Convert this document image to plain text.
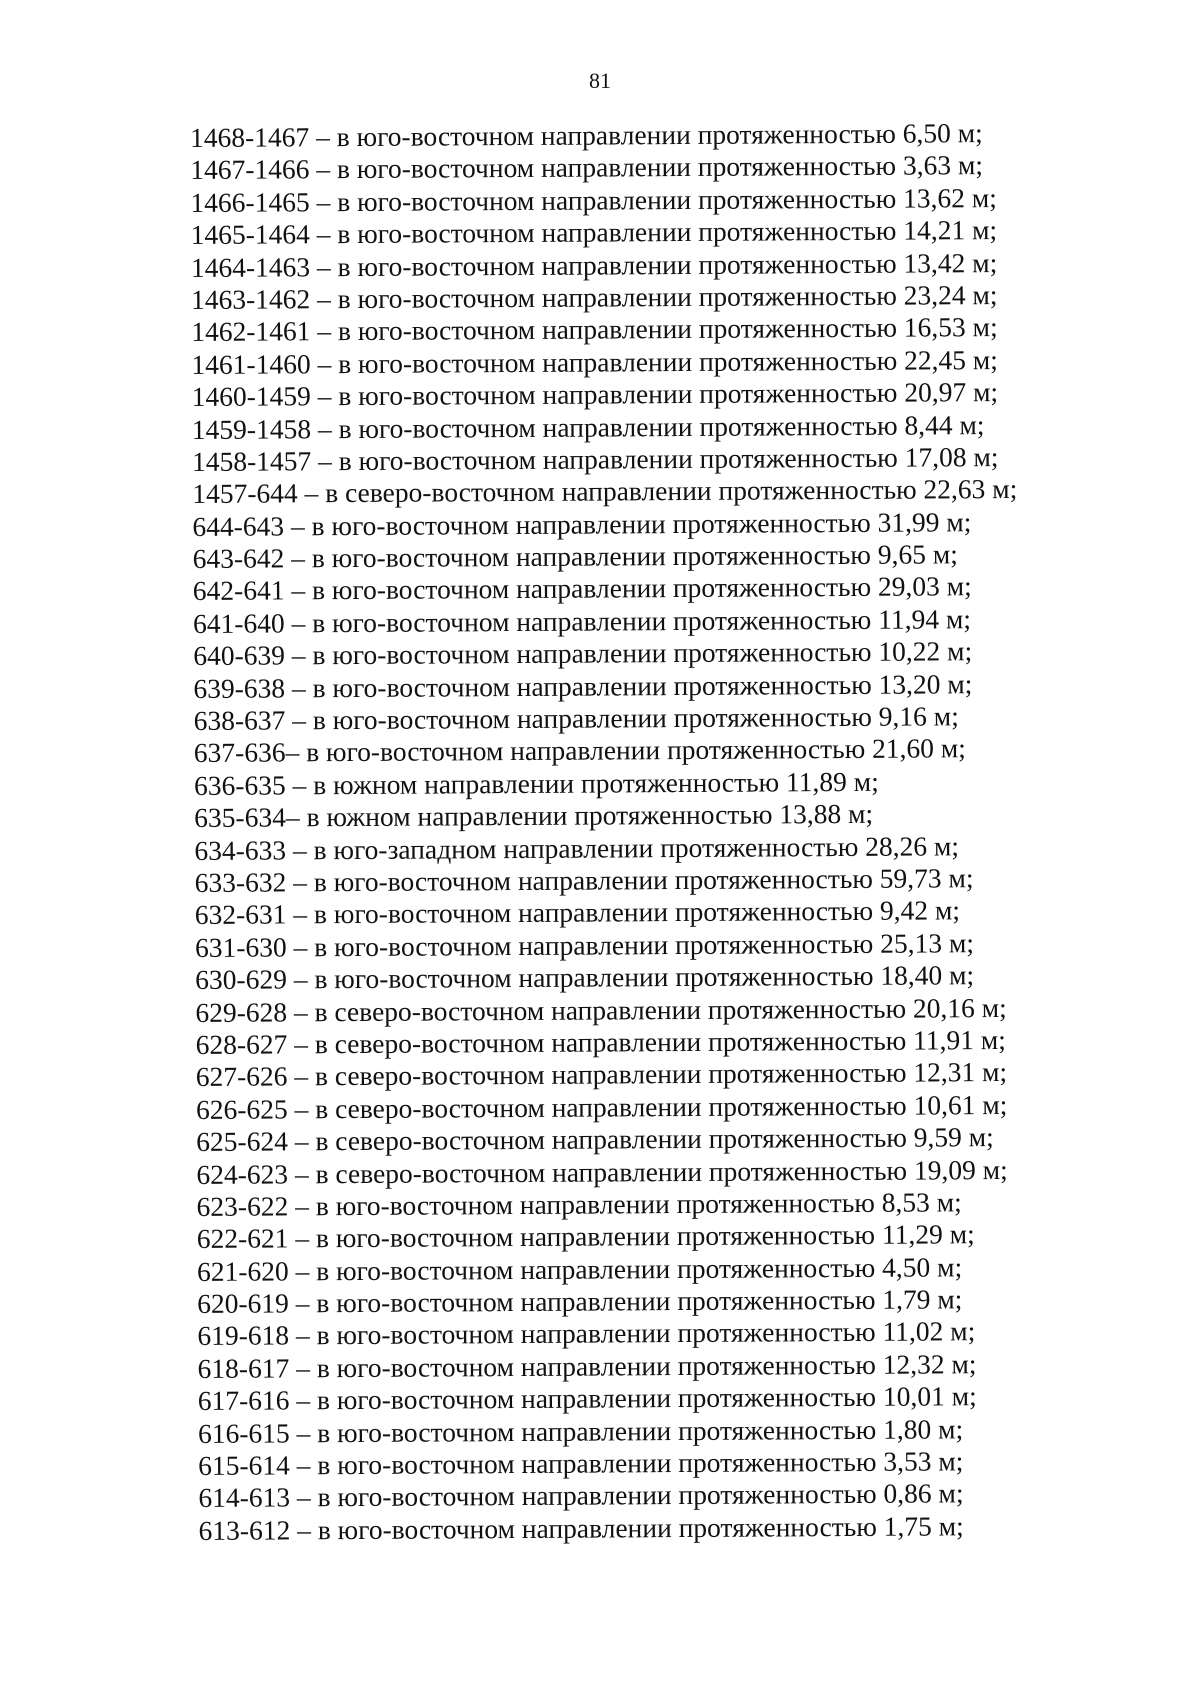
81
1468-1467 – в юго-восточном направлении протяженностью 6,50 м;
1467-1466 – в юго-восточном направлении протяженностью 3,63 м;
1466-1465 – в юго-восточном направлении протяженностью 13,62 м;
1465-1464 – в юго-восточном направлении протяженностью 14,21 м;
1464-1463 – в юго-восточном направлении протяженностью 13,42 м;
1463-1462 – в юго-восточном направлении протяженностью 23,24 м;
1462-1461 – в юго-восточном направлении протяженностью 16,53 м;
1461-1460 – в юго-восточном направлении протяженностью 22,45 м;
1460-1459 – в юго-восточном направлении протяженностью 20,97 м;
1459-1458 – в юго-восточном направлении протяженностью 8,44 м;
1458-1457 – в юго-восточном направлении протяженностью 17,08 м;
1457-644 – в северо-восточном направлении протяженностью 22,63 м;
644-643 – в юго-восточном направлении протяженностью 31,99 м;
643-642 – в юго-восточном направлении протяженностью 9,65 м;
642-641 – в юго-восточном направлении протяженностью 29,03 м;
641-640 – в юго-восточном направлении протяженностью 11,94 м;
640-639 – в юго-восточном направлении протяженностью 10,22 м;
639-638 – в юго-восточном направлении протяженностью 13,20 м;
638-637 – в юго-восточном направлении протяженностью 9,16 м;
637-636– в юго-восточном направлении протяженностью 21,60 м;
636-635 – в южном направлении протяженностью 11,89 м;
635-634– в южном направлении протяженностью 13,88 м;
634-633 – в юго-западном направлении протяженностью 28,26 м;
633-632 – в юго-восточном направлении протяженностью 59,73 м;
632-631 – в юго-восточном направлении протяженностью 9,42 м;
631-630 – в юго-восточном направлении протяженностью 25,13 м;
630-629 – в юго-восточном направлении протяженностью 18,40 м;
629-628 – в северо-восточном направлении протяженностью 20,16 м;
628-627 – в северо-восточном направлении протяженностью 11,91 м;
627-626 – в северо-восточном направлении протяженностью 12,31 м;
626-625 – в северо-восточном направлении протяженностью 10,61 м;
625-624 – в северо-восточном направлении протяженностью 9,59 м;
624-623 – в северо-восточном направлении протяженностью 19,09 м;
623-622 – в юго-восточном направлении протяженностью 8,53 м;
622-621 – в юго-восточном направлении протяженностью 11,29 м;
621-620 – в юго-восточном направлении протяженностью 4,50 м;
620-619 – в юго-восточном направлении протяженностью 1,79 м;
619-618 – в юго-восточном направлении протяженностью 11,02 м;
618-617 – в юго-восточном направлении протяженностью 12,32 м;
617-616 – в юго-восточном направлении протяженностью 10,01 м;
616-615 – в юго-восточном направлении протяженностью 1,80 м;
615-614 – в юго-восточном направлении протяженностью 3,53 м;
614-613 – в юго-восточном направлении протяженностью 0,86 м;
613-612 – в юго-восточном направлении протяженностью 1,75 м;
